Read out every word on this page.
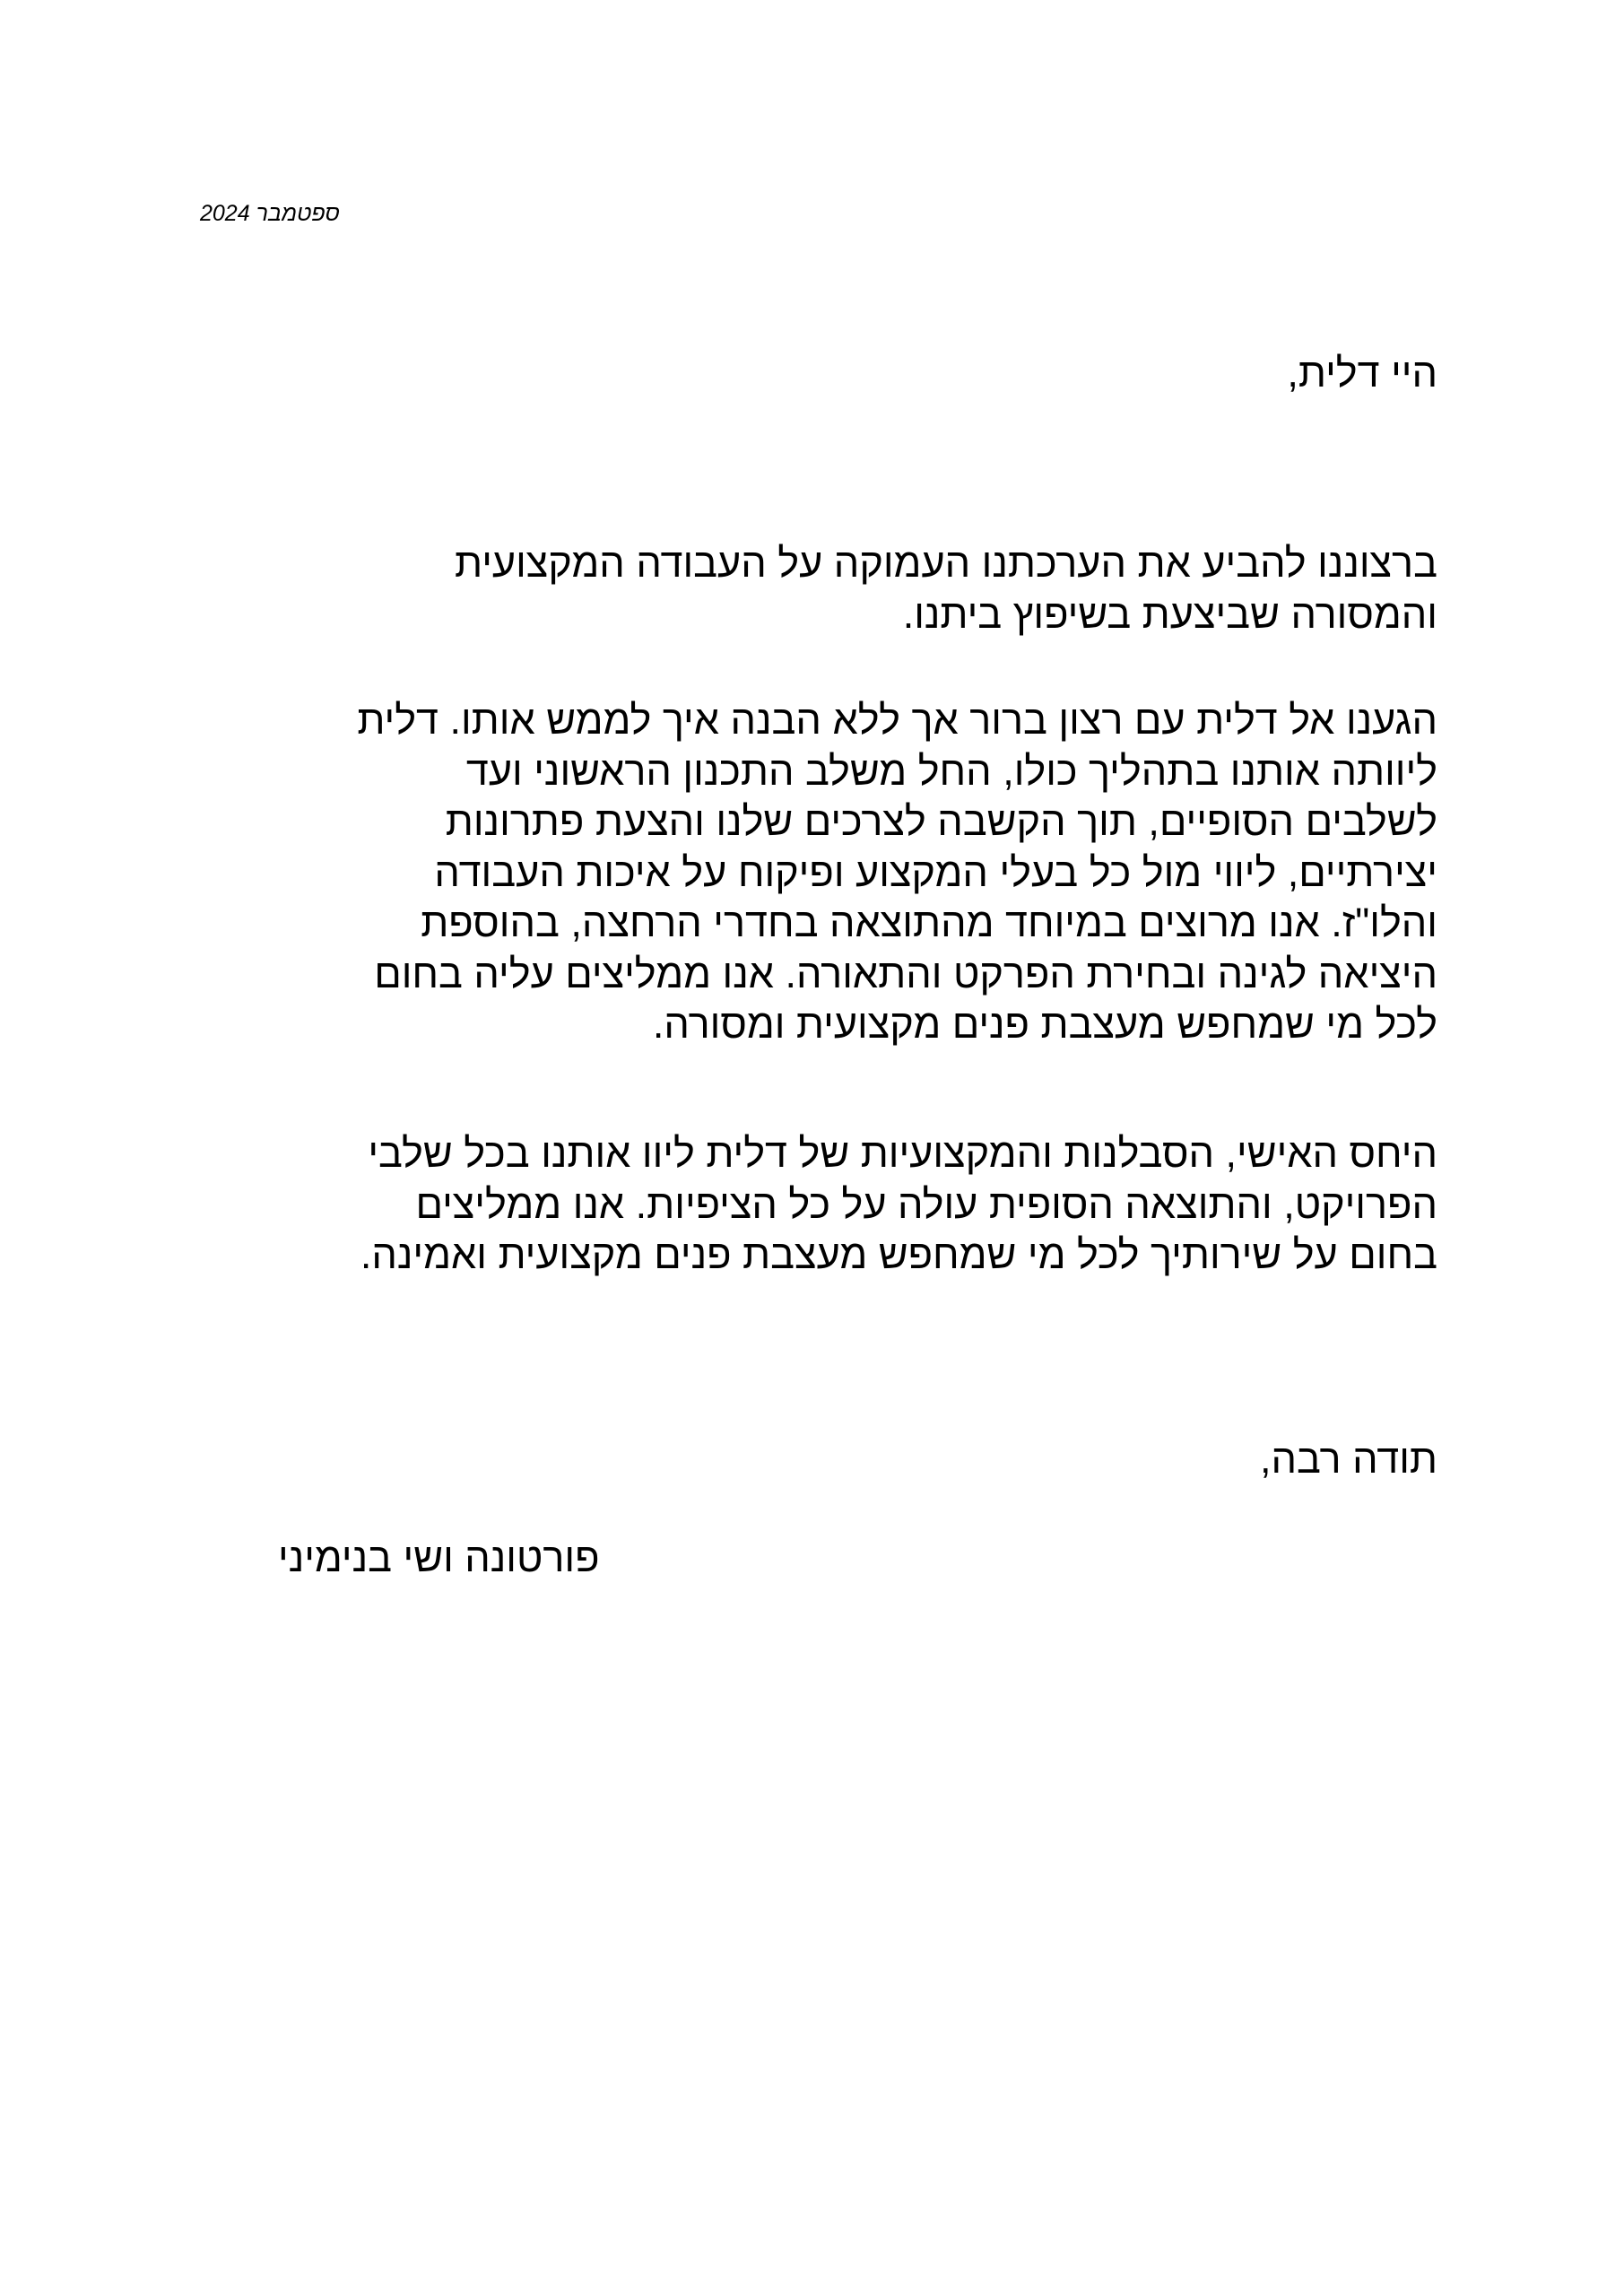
ספטמבר 2024
היי דלית,
ברצוננו להביע את הערכתנו העמוקה על העבודה המקצועית
והמסורה שביצעת בשיפוץ ביתנו.
הגענו אל דלית עם רצון ברור אך ללא הבנה איך לממש אותו. דלית
ליוותה אותנו בתהליך כולו, החל משלב התכנון הראשוני ועד
לשלבים הסופיים, תוך הקשבה לצרכים שלנו והצעת פתרונות
יצירתיים, ליווי מול כל בעלי המקצוע ופיקוח על איכות העבודה
והלו"ז. אנו מרוצים במיוחד מהתוצאה בחדרי הרחצה, בהוספת
היציאה לגינה ובחירת הפרקט והתאורה. אנו ממליצים עליה בחום
לכל מי שמחפש מעצבת פנים מקצועית ומסורה.
היחס האישי, הסבלנות והמקצועיות של דלית ליוו אותנו בכל שלבי
הפרויקט, והתוצאה הסופית עולה על כל הציפיות. אנו ממליצים
בחום על שירותיך לכל מי שמחפש מעצבת פנים מקצועית ואמינה.
תודה רבה,
פורטונה ושי בנימיני
